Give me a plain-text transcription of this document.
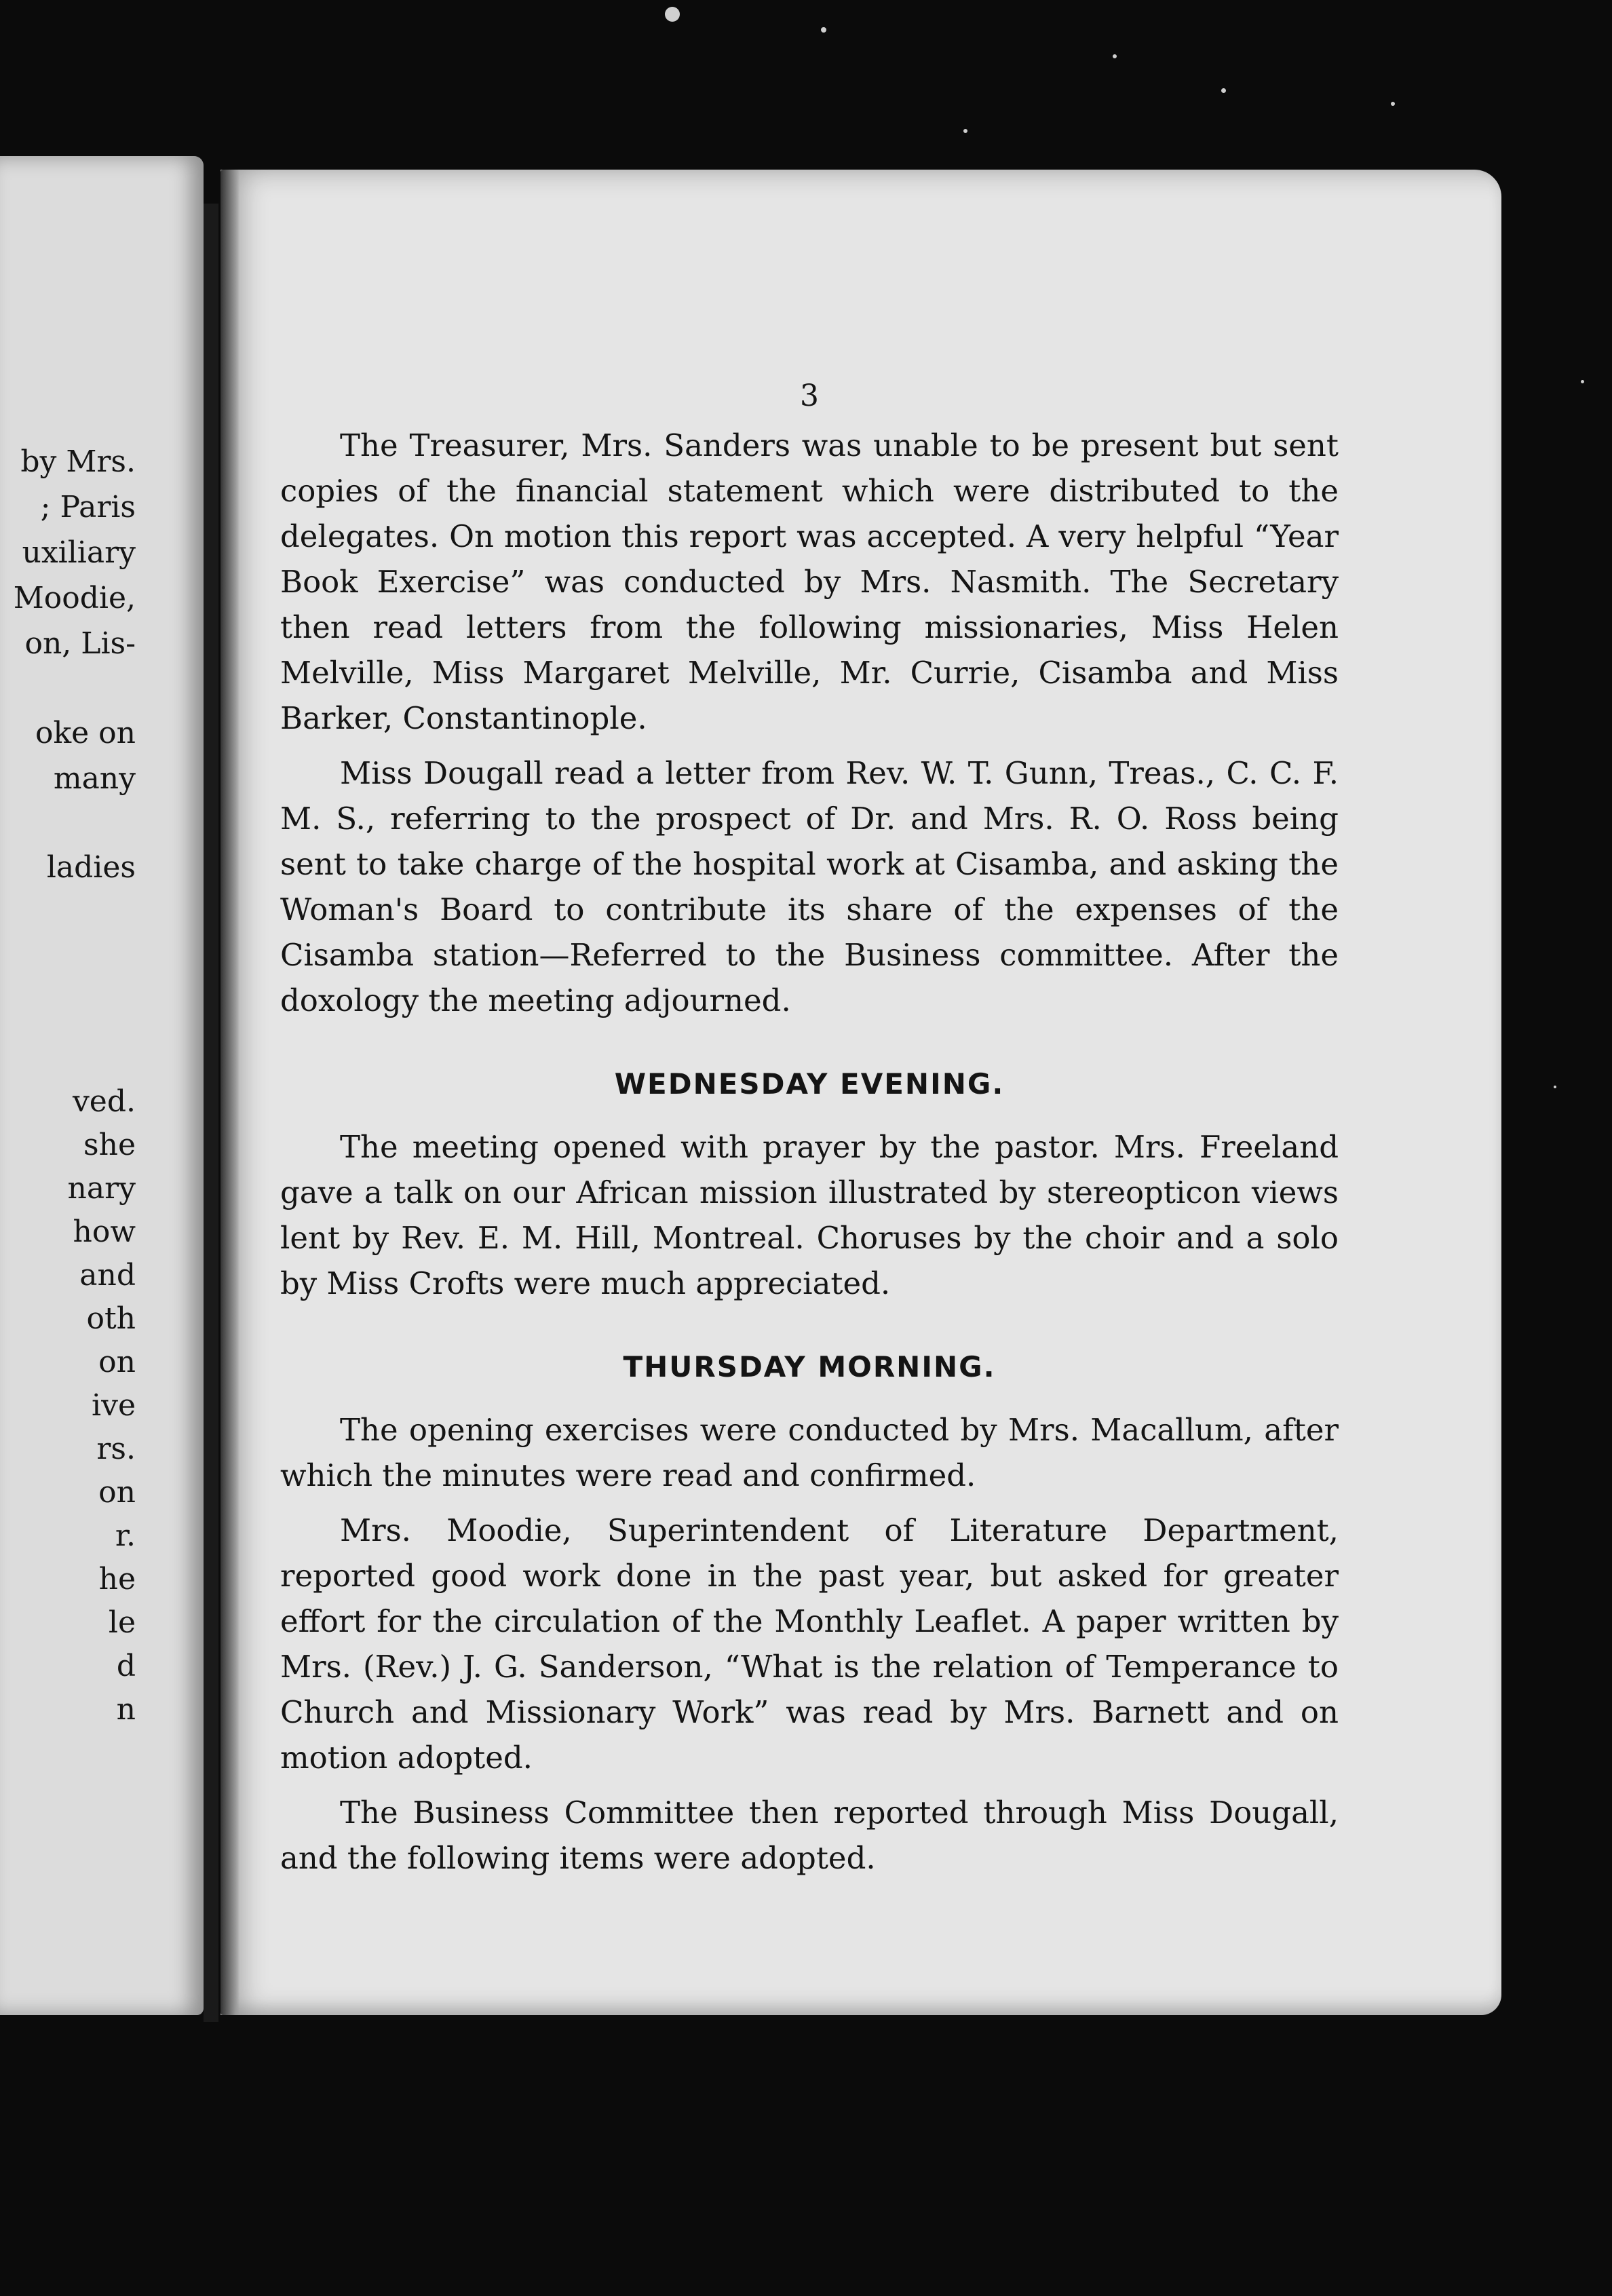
by Mrs.
; Paris
uxiliary
Moodie,
on, Lis-
oke on
many
ladies
ved.
she
nary
how
and
oth
on
ive
rs.
on
r.
he
le
d
n
3

The Treasurer, Mrs. Sanders was unable to be present but sent copies of the financial statement which were distributed to the delegates. On motion this report was accepted. A very helpful “Year Book Exercise” was conducted by Mrs. Nasmith. The Secretary then read letters from the following missionaries, Miss Helen Melville, Miss Margaret Melville, Mr. Currie, Cisamba and Miss Barker, Constantinople.

Miss Dougall read a letter from Rev. W. T. Gunn, Treas., C. C. F. M. S., referring to the prospect of Dr. and Mrs. R. O. Ross being sent to take charge of the hospital work at Cisamba, and asking the Woman's Board to contribute its share of the expenses of the Cisamba station—Referred to the Business committee. After the doxology the meeting adjourned.

WEDNESDAY EVENING.

The meeting opened with prayer by the pastor. Mrs. Freeland gave a talk on our African mission illustrated by stereopticon views lent by Rev. E. M. Hill, Montreal. Choruses by the choir and a solo by Miss Crofts were much appreciated.

THURSDAY MORNING.

The opening exercises were conducted by Mrs. Macallum, after which the minutes were read and confirmed.

Mrs. Moodie, Superintendent of Literature Department, reported good work done in the past year, but asked for greater effort for the circulation of the Monthly Leaflet. A paper written by Mrs. (Rev.) J. G. Sanderson, “What is the relation of Temperance to Church and Missionary Work” was read by Mrs. Barnett and on motion adopted.

The Business Committee then reported through Miss Dougall, and the following items were adopted.
